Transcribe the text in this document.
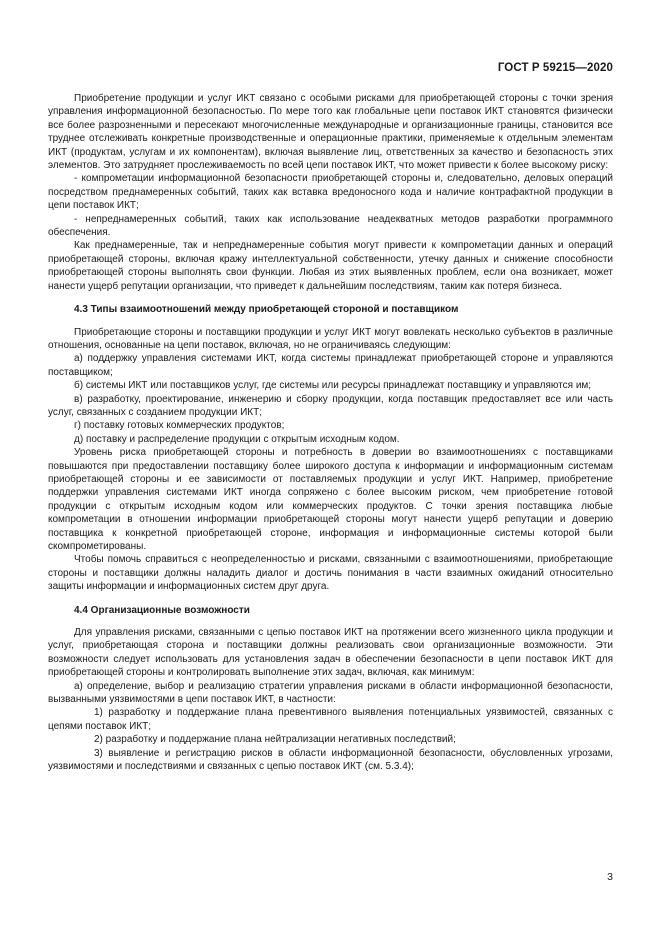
ГОСТ Р 59215—2020

Приобретение продукции и услуг ИКТ связано с особыми рисками для приобретающей стороны с точки зрения управления информационной безопасностью. По мере того как глобальные цепи поставок ИКТ становятся физически все более разрозненными и пересекают многочисленные международные и организационные границы, становится все труднее отслеживать конкретные производственные и операционные практики, применяемые к отдельным элементам ИКТ (продуктам, услугам и их компонентам), включая выявление лиц, ответственных за качество и безопасность этих элементов. Это затрудняет прослеживаемость по всей цепи поставок ИКТ, что может привести к более высокому риску:

- компрометации информационной безопасности приобретающей стороны и, следовательно, деловых операций посредством преднамеренных событий, таких как вставка вредоносного кода и наличие контрафактной продукции в цепи поставок ИКТ;

- непреднамеренных событий, таких как использование неадекватных методов разработки программного обеспечения.

Как преднамеренные, так и непреднамеренные события могут привести к компрометации данных и операций приобретающей стороны, включая кражу интеллектуальной собственности, утечку данных и снижение способности приобретающей стороны выполнять свои функции. Любая из этих выявленных проблем, если она возникает, может нанести ущерб репутации организации, что приведет к дальнейшим последствиям, таким как потеря бизнеса.

4.3 Типы взаимоотношений между приобретающей стороной и поставщиком

Приобретающие стороны и поставщики продукции и услуг ИКТ могут вовлекать несколько субъектов в различные отношения, основанные на цепи поставок, включая, но не ограничиваясь следующим:

а) поддержку управления системами ИКТ, когда системы принадлежат приобретающей стороне и управляются поставщиком;

б) системы ИКТ или поставщиков услуг, где системы или ресурсы принадлежат поставщику и управляются им;

в) разработку, проектирование, инженерию и сборку продукции, когда поставщик предоставляет все или часть услуг, связанных с созданием продукции ИКТ;

г) поставку готовых коммерческих продуктов;

д) поставку и распределение продукции с открытым исходным кодом.

Уровень риска приобретающей стороны и потребность в доверии во взаимоотношениях с поставщиками повышаются при предоставлении поставщику более широкого доступа к информации и информационным системам приобретающей стороны и ее зависимости от поставляемых продукции и услуг ИКТ. Например, приобретение поддержки управления системами ИКТ иногда сопряжено с более высоким риском, чем приобретение готовой продукции с открытым исходным кодом или коммерческих продуктов. С точки зрения поставщика любые компрометации в отношении информации приобретающей стороны могут нанести ущерб репутации и доверию поставщика к конкретной приобретающей стороне, информация и информационные системы которой были скомпрометированы.

Чтобы помочь справиться с неопределенностью и рисками, связанными с взаимоотношениями, приобретающие стороны и поставщики должны наладить диалог и достичь понимания в части взаимных ожиданий относительно защиты информации и информационных систем друг друга.

4.4 Организационные возможности

Для управления рисками, связанными с цепью поставок ИКТ на протяжении всего жизненного цикла продукции и услуг, приобретающая сторона и поставщики должны реализовать свои организационные возможности. Эти возможности следует использовать для установления задач в обеспечении безопасности в цепи поставок ИКТ для приобретающей стороны и контролировать выполнение этих задач, включая, как минимум:

а) определение, выбор и реализацию стратегии управления рисками в области информационной безопасности, вызванными уязвимостями в цепи поставок ИКТ, в частности:

1) разработку и поддержание плана превентивного выявления потенциальных уязвимостей, связанных с цепями поставок ИКТ;

2) разработку и поддержание плана нейтрализации негативных последствий;

3) выявление и регистрацию рисков в области информационной безопасности, обусловленных угрозами, уязвимостями и последствиями и связанных с цепью поставок ИКТ (см. 5.3.4);

3
